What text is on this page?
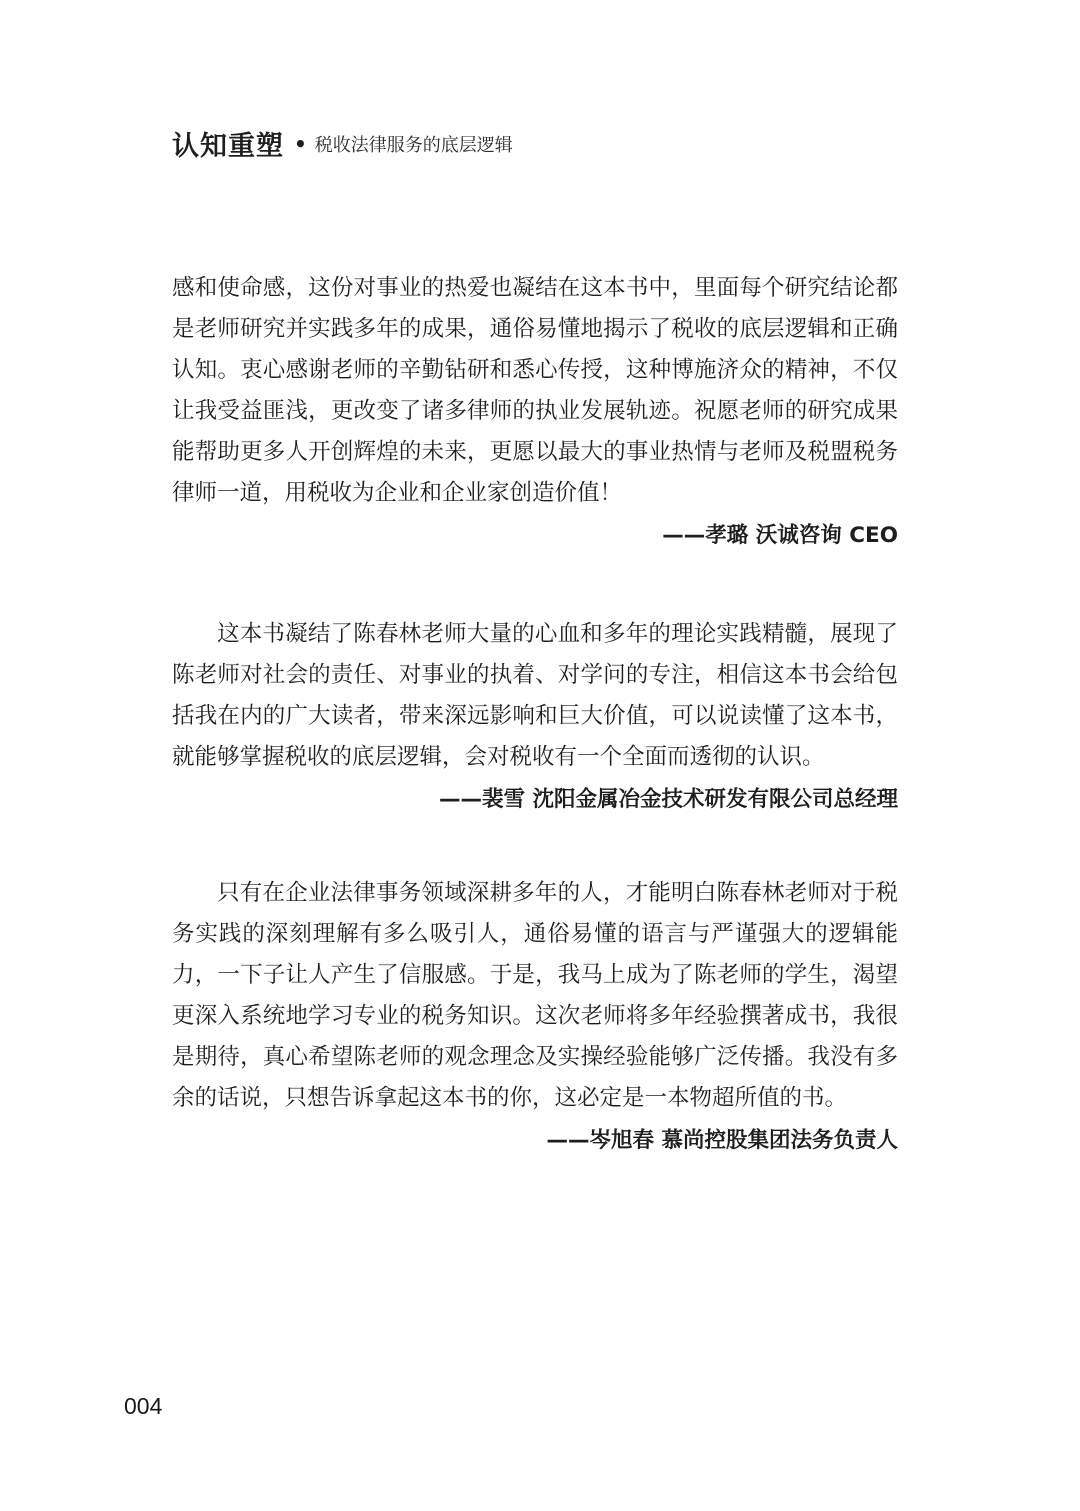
认知重塑 • 税收法律服务的底层逻辑

感和使命感，这份对事业的热爱也凝结在这本书中，里面每个研究结论都是老师研究并实践多年的成果，通俗易懂地揭示了税收的底层逻辑和正确认知。衷心感谢老师的辛勤钻研和悉心传授，这种博施济众的精神，不仅让我受益匪浅，更改变了诸多律师的执业发展轨迹。祝愿老师的研究成果能帮助更多人开创辉煌的未来，更愿以最大的事业热情与老师及税盟税务律师一道，用税收为企业和企业家创造价值！

——孝璐 沃诚咨询 CEO

这本书凝结了陈春林老师大量的心血和多年的理论实践精髓，展现了陈老师对社会的责任、对事业的执着、对学问的专注，相信这本书会给包括我在内的广大读者，带来深远影响和巨大价值，可以说读懂了这本书，就能够掌握税收的底层逻辑，会对税收有一个全面而透彻的认识。

——裴雪 沈阳金属冶金技术研发有限公司总经理

只有在企业法律事务领域深耕多年的人，才能明白陈春林老师对于税务实践的深刻理解有多么吸引人，通俗易懂的语言与严谨强大的逻辑能力，一下子让人产生了信服感。于是，我马上成为了陈老师的学生，渴望更深入系统地学习专业的税务知识。这次老师将多年经验撰著成书，我很是期待，真心希望陈老师的观念理念及实操经验能够广泛传播。我没有多余的话说，只想告诉拿起这本书的你，这必定是一本物超所值的书。

——岑旭春 慕尚控股集团法务负责人
004
